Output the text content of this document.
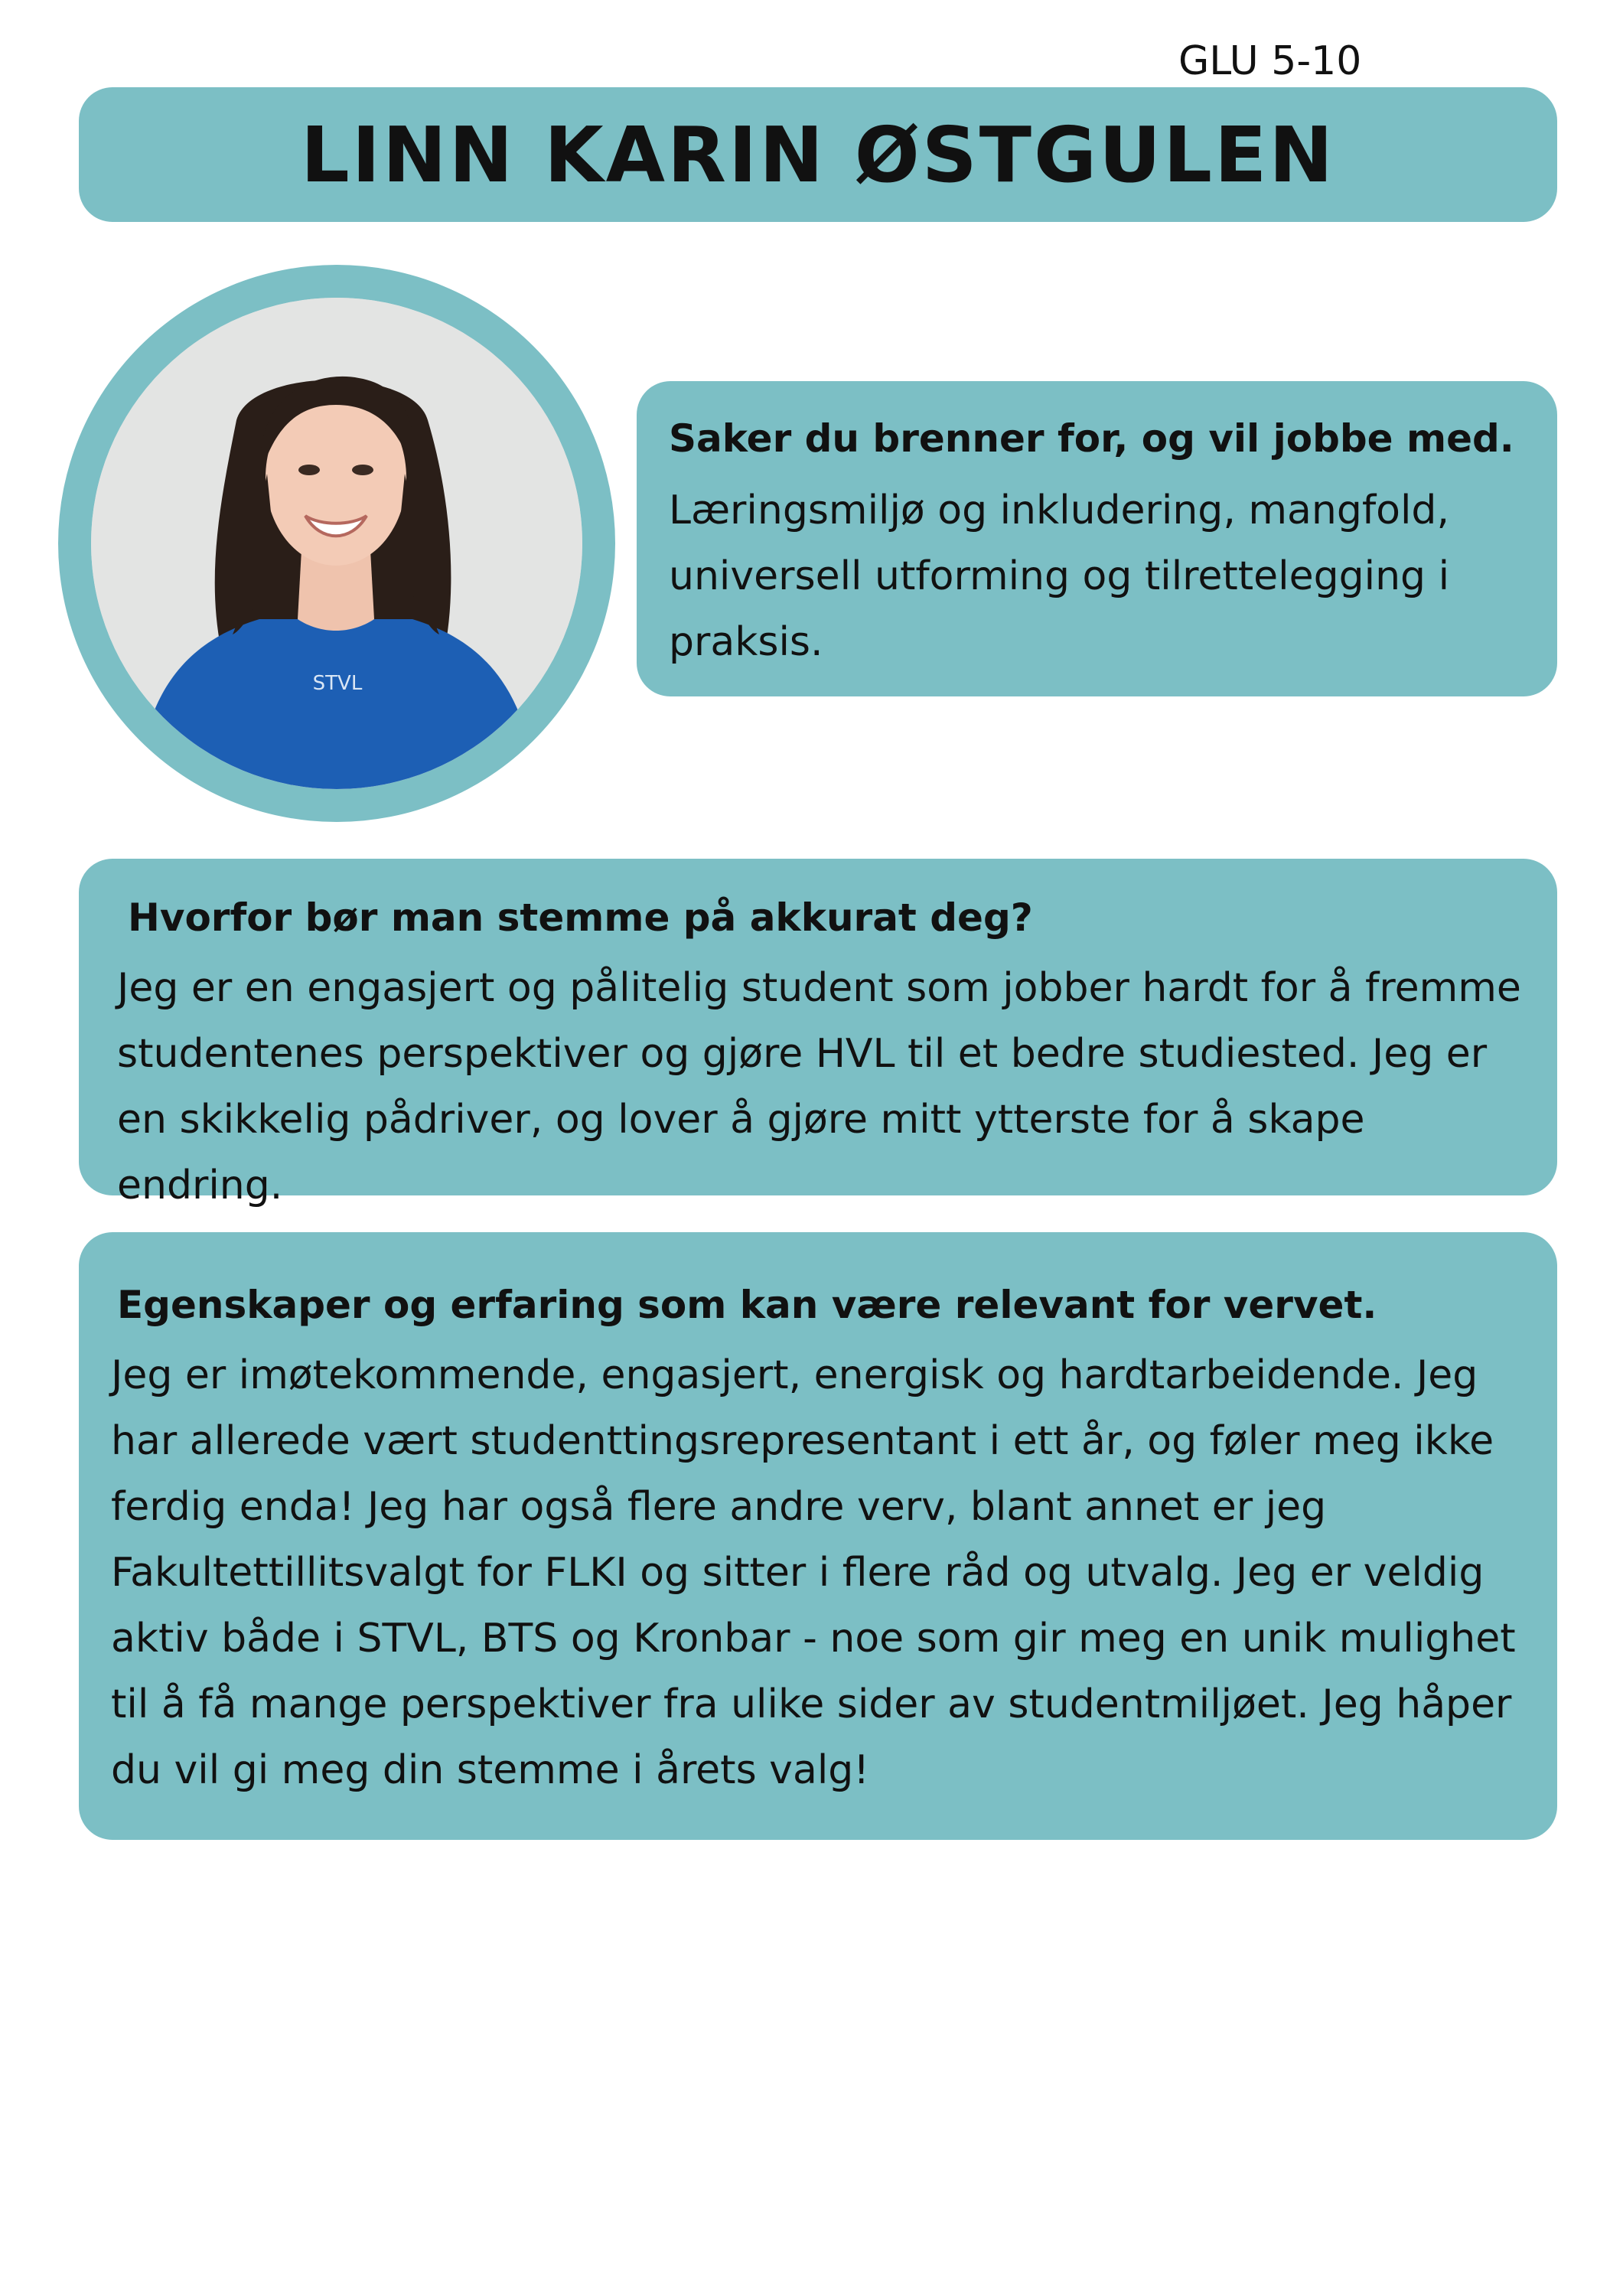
GLU 5-10
LINN KARIN ØSTGULEN
STVL
Saker du brenner for, og vil jobbe med.

Læringsmiljø og inkludering, mangfold, universell utforming og tilrettelegging i praksis.

Hvorfor bør man stemme på akkurat deg?

Jeg er en engasjert og pålitelig student som jobber hardt for å fremme studentenes perspektiver og gjøre HVL til et bedre studiested. Jeg er en skikkelig pådriver, og lover å gjøre mitt ytterste for å skape endring.

Egenskaper og erfaring som kan være relevant for vervet.

Jeg er imøtekommende, engasjert, energisk og hardtarbeidende. Jeg har allerede vært studenttingsrepresentant i ett år, og føler meg ikke ferdig enda! Jeg har også flere andre verv, blant annet er jeg Fakultettillitsvalgt for FLKI og sitter i flere råd og utvalg. Jeg er veldig aktiv både i STVL, BTS og Kronbar - noe som gir meg en unik mulighet til å få mange perspektiver fra ulike sider av studentmiljøet. Jeg håper du vil gi meg din stemme i årets valg!
